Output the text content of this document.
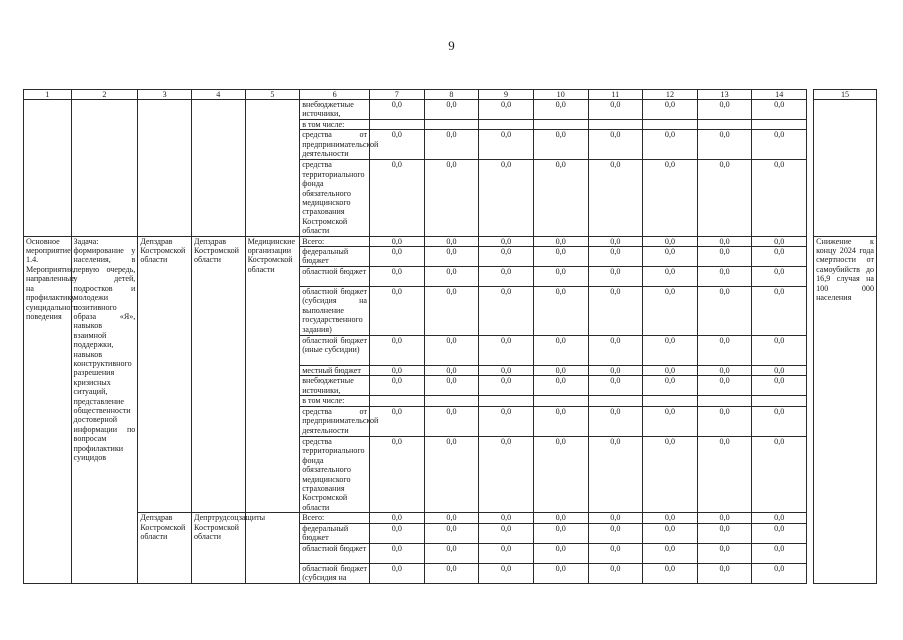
9
1	2	3	4	5	6	7	8	9	10	11	12	13	14		15
					внебюджетные источники,	0,0	0,0	0,0	0,0	0,0	0,0	0,0	0,0		
					в том числе:										
					средства от предпринимательской деятельности	0,0	0,0	0,0	0,0	0,0	0,0	0,0	0,0		
					средства территориального фонда обязательного медицинского страхования Костромской области	0,0	0,0	0,0	0,0	0,0	0,0	0,0	0,0		
Основное мероприятие 1.4. Мероприятия, направленные на профилактику суицидального поведения	Задача: формирование у населения, в первую очередь, у детей, подростков и молодежи позитивного образа «Я», навыков взаимной поддержки, навыков конструктивного разрешения кризисных ситуаций, представление общественности достоверной информации по вопросам профилактики суицидов	Депздрав Костромской области	Депздрав Костромской области	Медицинские организации Костромской области	Всего:	0,0	0,0	0,0	0,0	0,0	0,0	0,0	0,0		Снижение к концу 2024 года смертности от самоубийств до 16,9 случая на 100 000 населения
					федеральный бюджет	0,0	0,0	0,0	0,0	0,0	0,0	0,0	0,0		
					областной бюджет	0,0	0,0	0,0	0,0	0,0	0,0	0,0	0,0		
					областной бюджет (субсидия на выполнение государственного задания)	0,0	0,0	0,0	0,0	0,0	0,0	0,0	0,0		
					областной бюджет (иные субсидии)	0,0	0,0	0,0	0,0	0,0	0,0	0,0	0,0		
					местный бюджет	0,0	0,0	0,0	0,0	0,0	0,0	0,0	0,0		
					внебюджетные источники,	0,0	0,0	0,0	0,0	0,0	0,0	0,0	0,0		
					в том числе:										
					средства от предпринимательской деятельности	0,0	0,0	0,0	0,0	0,0	0,0	0,0	0,0		
					средства территориального фонда обязательного медицинского страхования Костромской области	0,0	0,0	0,0	0,0	0,0	0,0	0,0	0,0		
		Депздрав Костромской области	Депртрудсоцзащиты Костромской области		Всего:	0,0	0,0	0,0	0,0	0,0	0,0	0,0	0,0		
					федеральный бюджет	0,0	0,0	0,0	0,0	0,0	0,0	0,0	0,0		
					областной бюджет	0,0	0,0	0,0	0,0	0,0	0,0	0,0	0,0		
					областной бюджет (субсидия на	0,0	0,0	0,0	0,0	0,0	0,0	0,0	0,0		
